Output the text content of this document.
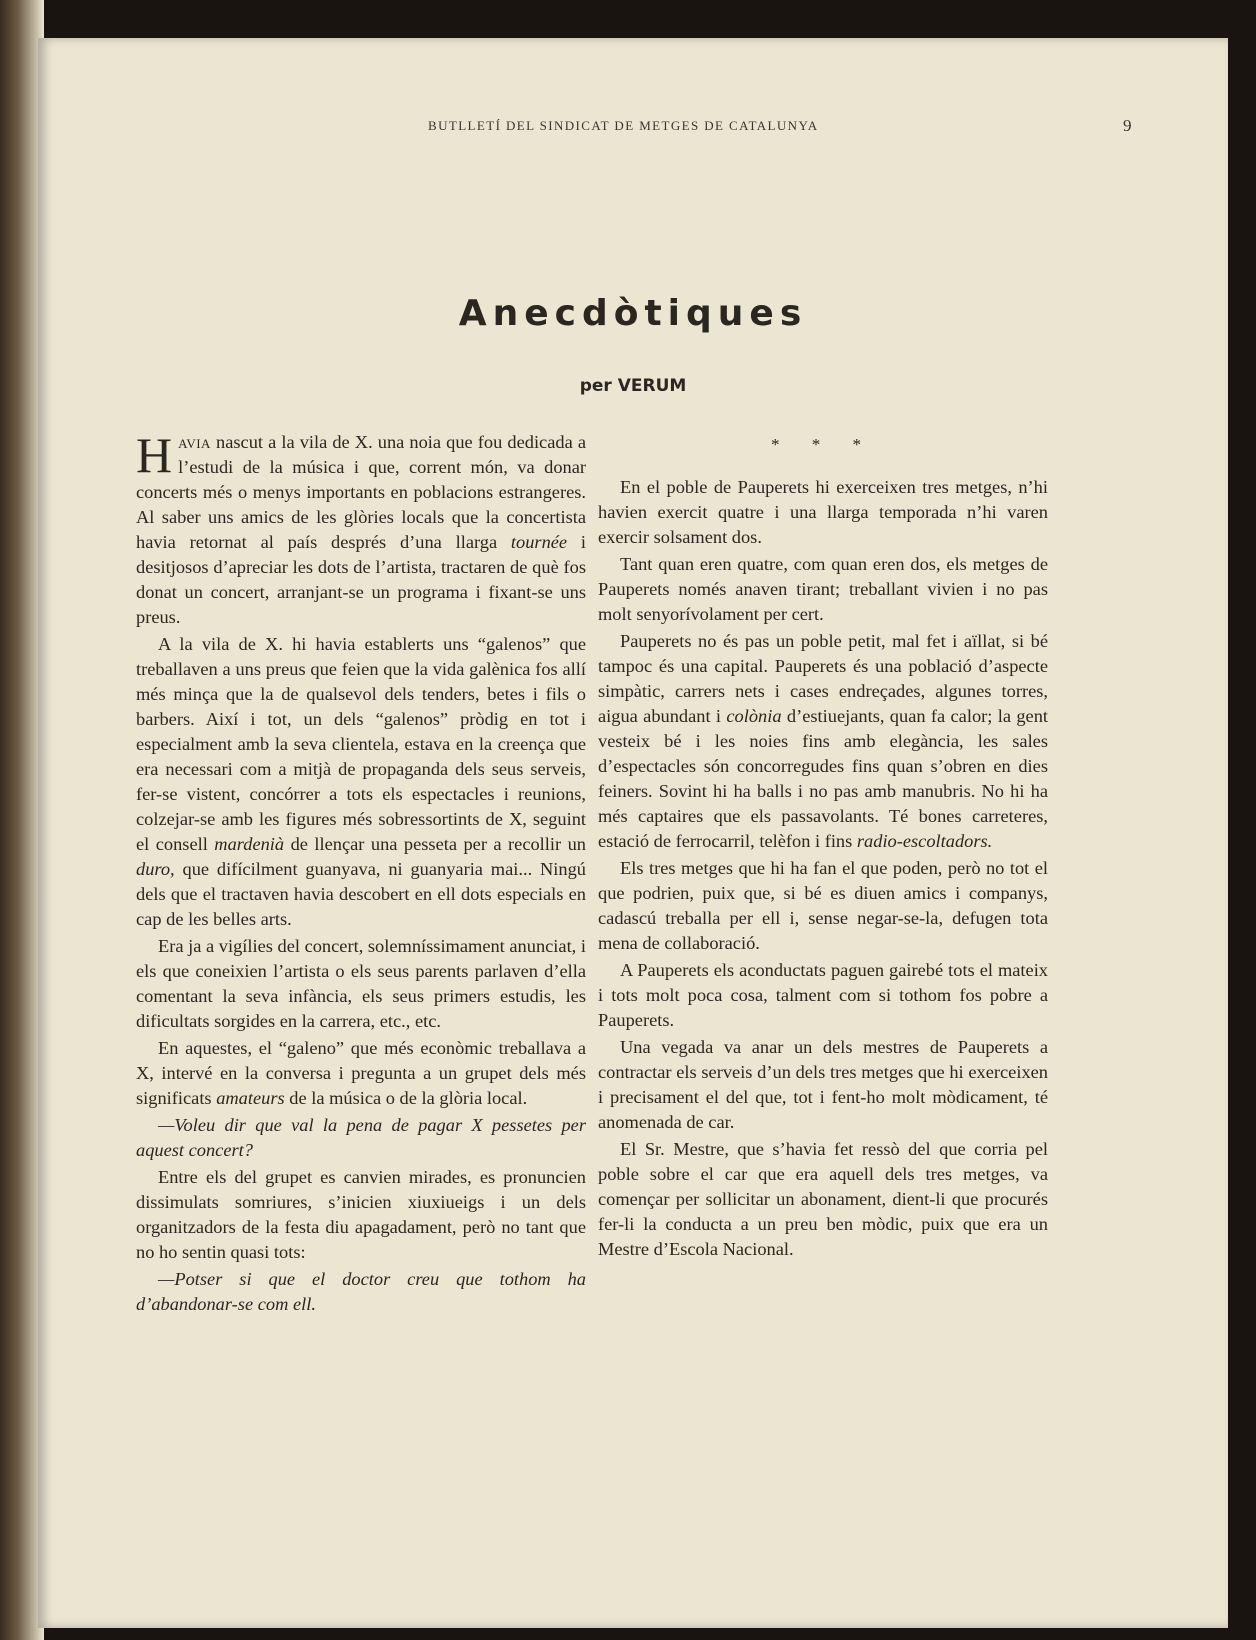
BUTLLETÍ DEL SINDICAT DE METGES DE CATALUNYA	9
Anecdòtiques
per VERUM

Havia nascut a la vila de X. una noia que fou dedicada a l’estudi de la música i que, corrent món, va donar concerts més o menys importants en poblacions estrangeres. Al saber uns amics de les glòries locals que la concertista havia retornat al país després d’una llarga tournée i desitjosos d’apreciar les dots de l’artista, tractaren de què fos donat un concert, arranjant-se un programa i fixant-se uns preus.

A la vila de X. hi havia establerts uns “galenos” que treballaven a uns preus que feien que la vida galènica fos allí més minça que la de qualsevol dels tenders, betes i fils o barbers. Així i tot, un dels “galenos” pròdig en tot i especialment amb la seva clientela, estava en la creença que era necessari com a mitjà de propaganda dels seus serveis, fer-se vistent, concórrer a tots els espectacles i reunions, colzejar-se amb les figures més sobressortints de X, seguint el consell mardenià de llençar una pesseta per a recollir un duro, que difícilment guanyava, ni guanyaria mai... Ningú dels que el tractaven havia descobert en ell dots especials en cap de les belles arts.

Era ja a vigílies del concert, solemníssimament anunciat, i els que coneixien l’artista o els seus parents parlaven d’ella comentant la seva infància, els seus primers estudis, les dificultats sorgides en la carrera, etc., etc.

En aquestes, el “galeno” que més econòmic treballava a X, intervé en la conversa i pregunta a un grupet dels més significats amateurs de la música o de la glòria local.

—Voleu dir que val la pena de pagar X pessetes per aquest concert?

Entre els del grupet es canvien mirades, es pronuncien dissimulats somriures, s’inicien xiuxiueigs i un dels organitzadors de la festa diu apagadament, però no tant que no ho sentin quasi tots:

—Potser si que el doctor creu que tothom ha d’abandonar-se com ell.

* * *

En el poble de Pauperets hi exerceixen tres metges, n’hi havien exercit quatre i una llarga temporada n’hi varen exercir solsament dos.

Tant quan eren quatre, com quan eren dos, els metges de Pauperets només anaven tirant; treballant vivien i no pas molt senyorívolament per cert.

Pauperets no és pas un poble petit, mal fet i aïllat, si bé tampoc és una capital. Pauperets és una població d’aspecte simpàtic, carrers nets i cases endreçades, algunes torres, aigua abundant i colònia d’estiuejants, quan fa calor; la gent vesteix bé i les noies fins amb elegància, les sales d’espectacles són concorregudes fins quan s’obren en dies feiners. Sovint hi ha balls i no pas amb manubris. No hi ha més captaires que els passavolants. Té bones carreteres, estació de ferrocarril, telèfon i fins radio-escoltadors.

Els tres metges que hi ha fan el que poden, però no tot el que podrien, puix que, si bé es diuen amics i companys, cadascú treballa per ell i, sense negar-se-la, defugen tota mena de collaboració.

A Pauperets els aconductats paguen gairebé tots el mateix i tots molt poca cosa, talment com si tothom fos pobre a Pauperets.

Una vegada va anar un dels mestres de Pauperets a contractar els serveis d’un dels tres metges que hi exerceixen i precisament el del que, tot i fent-ho molt mòdicament, té anomenada de car.

El Sr. Mestre, que s’havia fet ressò del que corria pel poble sobre el car que era aquell dels tres metges, va començar per sollicitar un abonament, dient-li que procurés fer-li la conducta a un preu ben mòdic, puix que era un Mestre d’Escola Nacional.
